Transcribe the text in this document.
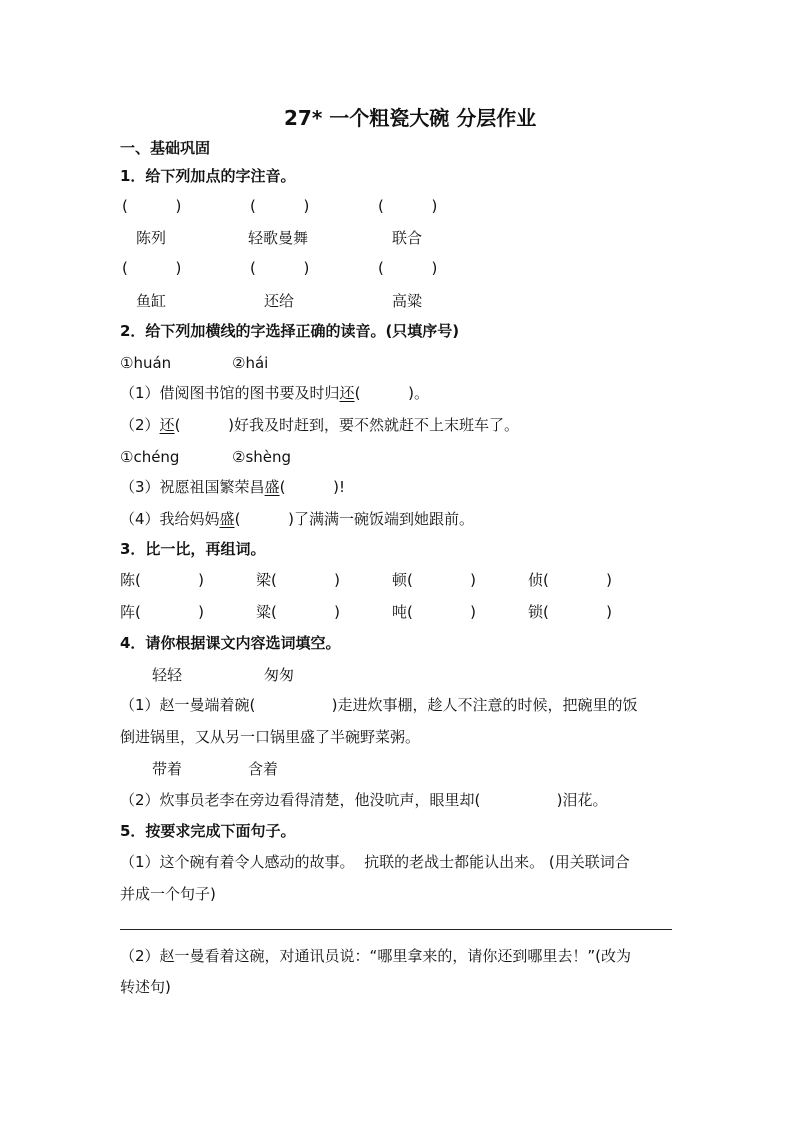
27* 一个粗瓷大碗 分层作业
一、基础巩固
1．给下列加点的字注音。
(          )	(          )	(          )
陈列	轻歌曼舞	联合
(          )	(          )	(          )
鱼缸	还给	高粱
2．给下列加横线的字选择正确的读音。(只填序号)
①huán	②hái
（1）借阅图书馆的图书要及时归还(          )。
（2）还(          )好我及时赶到，要不然就赶不上末班车了。
①chéng	②shèng
（3）祝愿祖国繁荣昌盛(          )!
（4）我给妈妈盛(          )了满满一碗饭端到她跟前。
3．比一比，再组词。
陈(            )	梁(            )	顿(            )	侦(            )
阵(            )	粱(            )	吨(            )	锁(            )
4．请你根据课文内容选词填空。
轻轻	匆匆
（1）赵一曼端着碗(                )走进炊事棚，趁人不注意的时候，把碗里的饭
倒进锅里，又从另一口锅里盛了半碗野菜粥。
带着	含着
（2）炊事员老李在旁边看得清楚，他没吭声，眼里却(                )泪花。
5．按要求完成下面句子。
（1）这个碗有着令人感动的故事。  抗联的老战士都能认出来。 (用关联词合
并成一个句子)
（2）赵一曼看着这碗，对通讯员说：“哪里拿来的，请你还到哪里去！”(改为
转述句)
